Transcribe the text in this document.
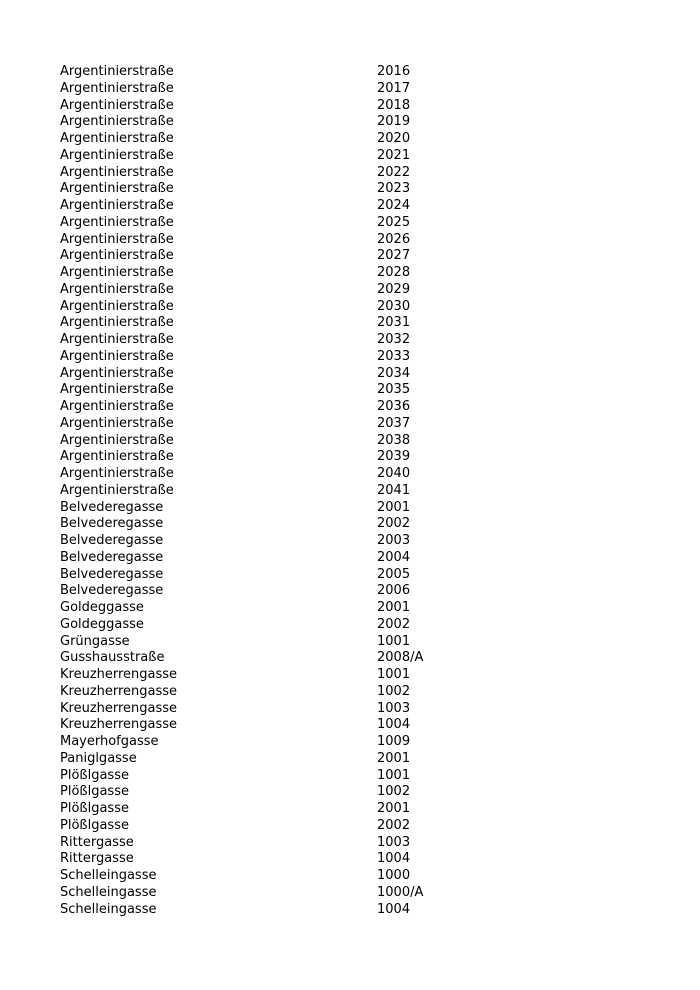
Argentinierstraße	2016
Argentinierstraße	2017
Argentinierstraße	2018
Argentinierstraße	2019
Argentinierstraße	2020
Argentinierstraße	2021
Argentinierstraße	2022
Argentinierstraße	2023
Argentinierstraße	2024
Argentinierstraße	2025
Argentinierstraße	2026
Argentinierstraße	2027
Argentinierstraße	2028
Argentinierstraße	2029
Argentinierstraße	2030
Argentinierstraße	2031
Argentinierstraße	2032
Argentinierstraße	2033
Argentinierstraße	2034
Argentinierstraße	2035
Argentinierstraße	2036
Argentinierstraße	2037
Argentinierstraße	2038
Argentinierstraße	2039
Argentinierstraße	2040
Argentinierstraße	2041
Belvederegasse	2001
Belvederegasse	2002
Belvederegasse	2003
Belvederegasse	2004
Belvederegasse	2005
Belvederegasse	2006
Goldeggasse	2001
Goldeggasse	2002
Grüngasse	1001
Gusshausstraße	2008/A
Kreuzherrengasse	1001
Kreuzherrengasse	1002
Kreuzherrengasse	1003
Kreuzherrengasse	1004
Mayerhofgasse	1009
Paniglgasse	2001
Plößlgasse	1001
Plößlgasse	1002
Plößlgasse	2001
Plößlgasse	2002
Rittergasse	1003
Rittergasse	1004
Schelleingasse	1000
Schelleingasse	1000/A
Schelleingasse	1004
